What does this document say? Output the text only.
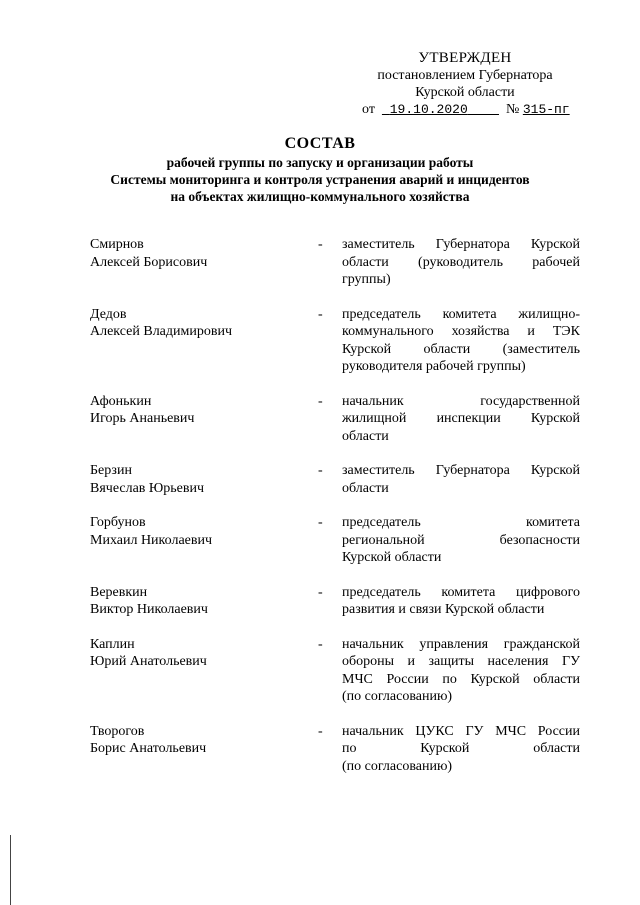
УТВЕРЖДЕН
постановлением Губернатора
Курской области
от 19.10.2020	№ 315-пг
СОСТАВ
рабочей группы по запуску и организации работы
Системы мониторинга и контроля устранения аварий и инцидентов
на объектах жилищно-коммунального хозяйства
Смирнов
Алексей Борисович
-	заместитель Губернатора Курской
области (руководитель рабочей
группы)
Дедов
Алексей Владимирович
-	председатель комитета жилищно-
коммунального хозяйства и ТЭК
Курской области (заместитель
руководителя рабочей группы)
Афонькин
Игорь Ананьевич
-	начальник государственной
жилищной инспекции Курской
области
Берзин
Вячеслав Юрьевич
-	заместитель Губернатора Курской
области
Горбунов
Михаил Николаевич
-	председатель комитета
региональной безопасности
Курской области
Веревкин
Виктор Николаевич
-	председатель комитета цифрового
развития и связи Курской области
Каплин
Юрий Анатольевич
-	начальник управления гражданской
обороны и защиты населения ГУ
МЧС России по Курской области
(по согласованию)
Творогов
Борис Анатольевич
-	начальник ЦУКС ГУ МЧС России
по Курской области
(по согласованию)
